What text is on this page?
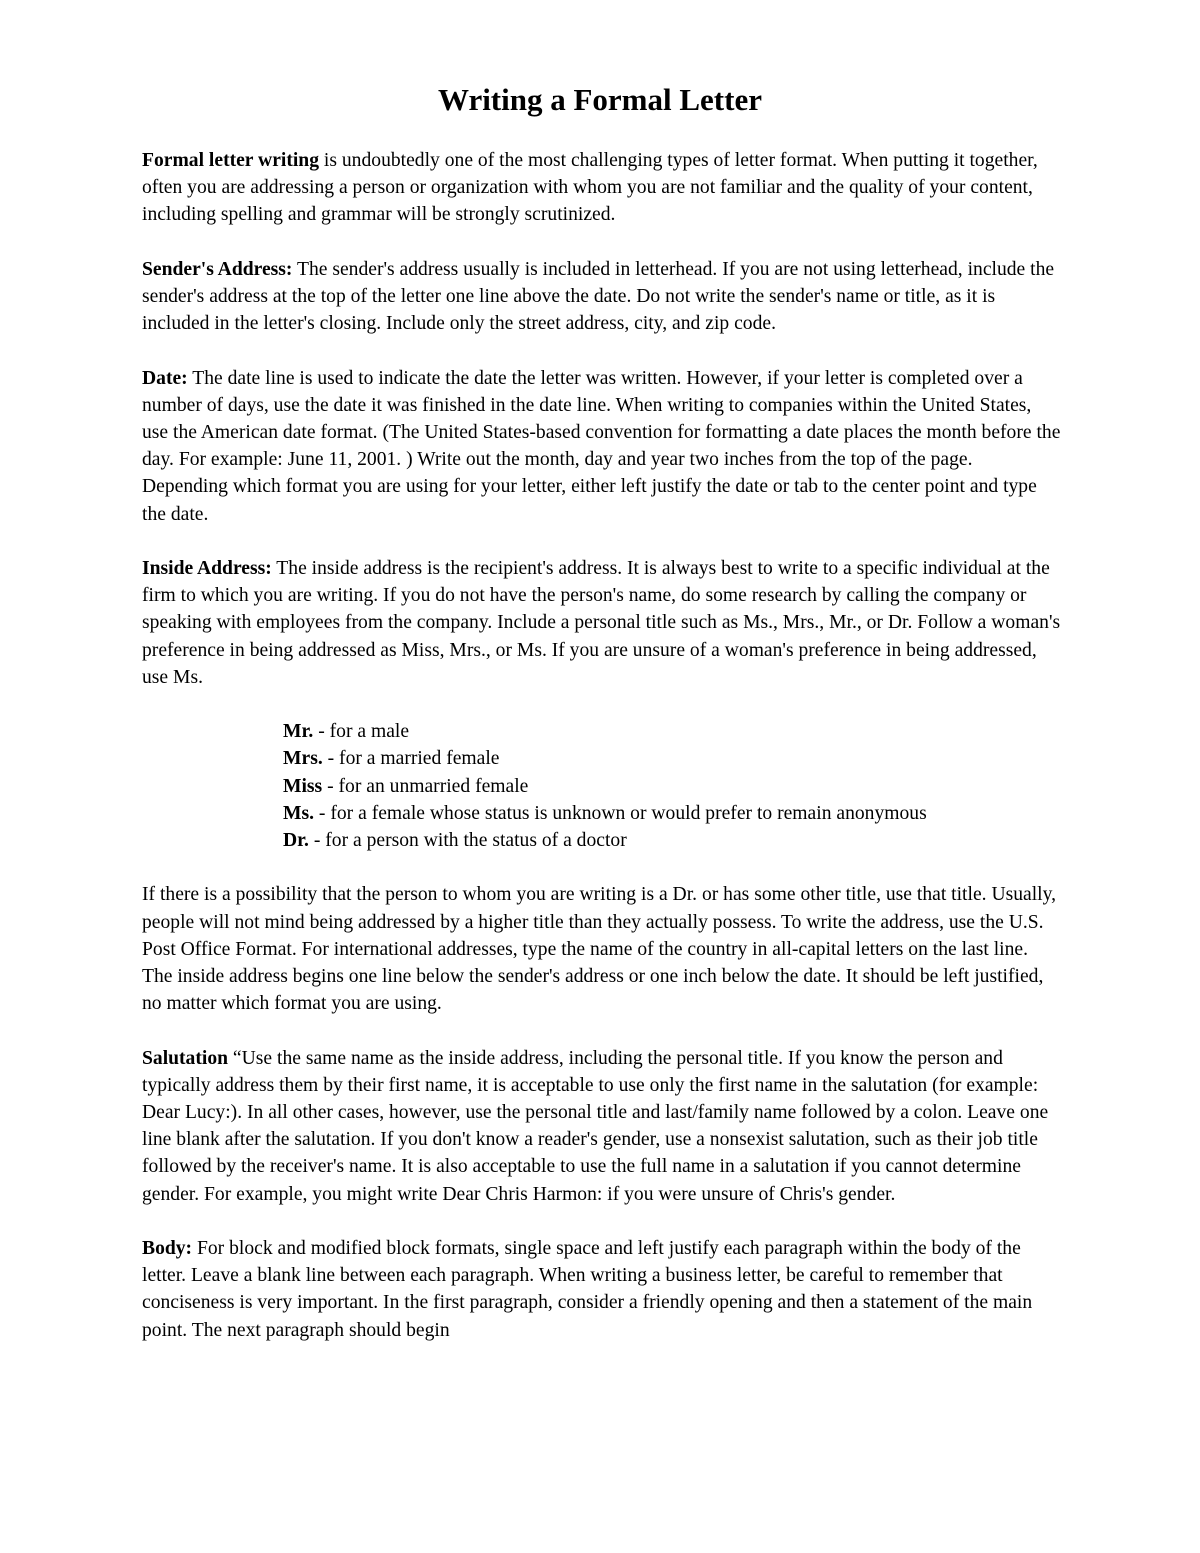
Writing a Formal Letter

Formal letter writing is undoubtedly one of the most challenging types of letter format. When putting it together, often you are addressing a person or organization with whom you are not familiar and the quality of your content, including spelling and grammar will be strongly scrutinized.

Sender's Address: The sender's address usually is included in letterhead. If you are not using letterhead, include the sender's address at the top of the letter one line above the date. Do not write the sender's name or title, as it is included in the letter's closing. Include only the street address, city, and zip code.

Date: The date line is used to indicate the date the letter was written. However, if your letter is completed over a number of days, use the date it was finished in the date line. When writing to companies within the United States, use the American date format. (The United States-based convention for formatting a date places the month before the day. For example: June 11, 2001. ) Write out the month, day and year two inches from the top of the page. Depending which format you are using for your letter, either left justify the date or tab to the center point and type the date.

Inside Address: The inside address is the recipient's address. It is always best to write to a specific individual at the firm to which you are writing. If you do not have the person's name, do some research by calling the company or speaking with employees from the company. Include a personal title such as Ms., Mrs., Mr., or Dr. Follow a woman's preference in being addressed as Miss, Mrs., or Ms. If you are unsure of a woman's preference in being addressed, use Ms.

Mr. - for a male
Mrs. - for a married female
Miss - for an unmarried female
Ms. - for a female whose status is unknown or would prefer to remain anonymous
Dr. - for a person with the status of a doctor

If there is a possibility that the person to whom you are writing is a Dr. or has some other title, use that title. Usually, people will not mind being addressed by a higher title than they actually possess. To write the address, use the U.S. Post Office Format. For international addresses, type the name of the country in all-capital letters on the last line. The inside address begins one line below the sender's address or one inch below the date. It should be left justified, no matter which format you are using.

Salutation “Use the same name as the inside address, including the personal title. If you know the person and typically address them by their first name, it is acceptable to use only the first name in the salutation (for example: Dear Lucy:). In all other cases, however, use the personal title and last/family name followed by a colon. Leave one line blank after the salutation. If you don't know a reader's gender, use a nonsexist salutation, such as their job title followed by the receiver's name. It is also acceptable to use the full name in a salutation if you cannot determine gender. For example, you might write Dear Chris Harmon: if you were unsure of Chris's gender.

Body: For block and modified block formats, single space and left justify each paragraph within the body of the letter. Leave a blank line between each paragraph. When writing a business letter, be careful to remember that conciseness is very important. In the first paragraph, consider a friendly opening and then a statement of the main point. The next paragraph should begin
